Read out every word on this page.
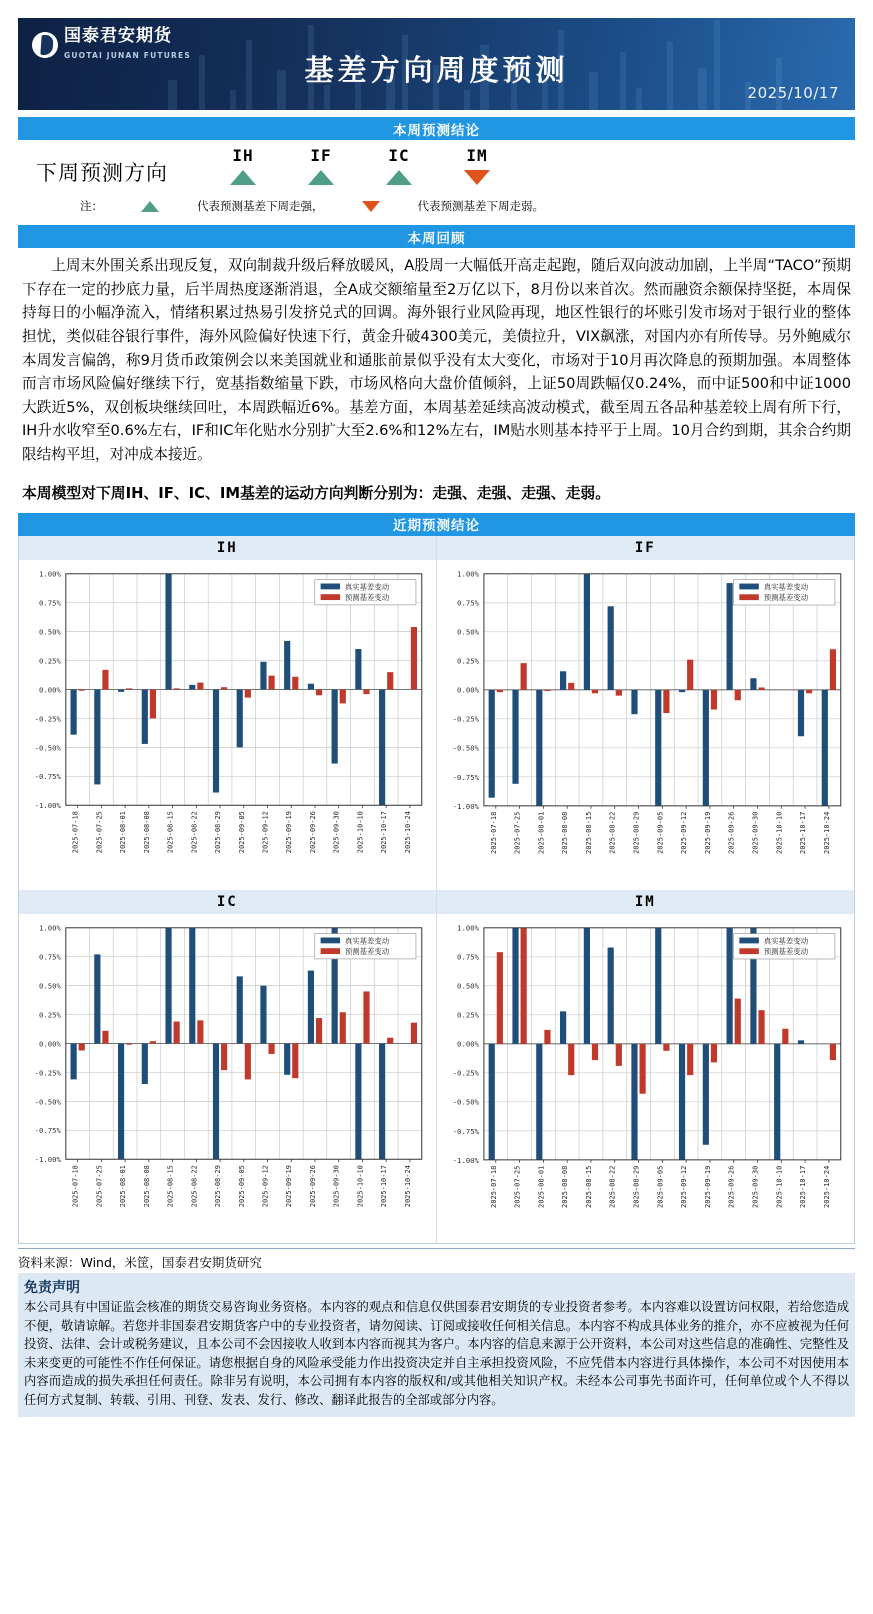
国泰君安期货
GUOTAI JUNAN FUTURES	基差方向周度预测
2025/10/17
本周预测结论
下周预测方向
IH	IF	IC	IM
注：	代表预测基差下周走强，	代表预测基差下周走弱。
本周回顾

上周末外围关系出现反复，双向制裁升级后释放暖风，A股周一大幅低开高走起跑，随后双向波动加剧，上半周“TACO”预期下存在一定的抄底力量，后半周热度逐渐消退，全A成交额缩量至2万亿以下，8月份以来首次。然而融资余额保持坚挺，本周保持每日的小幅净流入，情绪积累过热易引发挤兑式的回调。海外银行业风险再现，地区性银行的坏账引发市场对于银行业的整体担忧，类似硅谷银行事件，海外风险偏好快速下行，黄金升破4300美元，美债拉升，VIX飙涨，对国内亦有所传导。另外鲍威尔本周发言偏鸽，称9月货币政策例会以来美国就业和通胀前景似乎没有太大变化，市场对于10月再次降息的预期加强。本周整体而言市场风险偏好继续下行，宽基指数缩量下跌，市场风格向大盘价值倾斜，上证50周跌幅仅0.24%，而中证500和中证1000大跌近5%，双创板块继续回吐，本周跌幅近6%。基差方面，本周基差延续高波动模式，截至周五各品种基差较上周有所下行，IH升水收窄至0.6%左右，IF和IC年化贴水分别扩大至2.6%和12%左右，IM贴水则基本持平于上周。10月合约到期，其余合约期限结构平坦，对冲成本接近。

本周模型对下周IH、IF、IC、IM基差的运动方向判断分别为：走强、走强、走强、走弱。
近期预测结论
IH
1.00%
0.75%
0.50%
0.25%
0.00%
-0.25%
-0.50%
-0.75%
-1.00%
2025-07-18 2025-07-25 2025-08-01 2025-08-08 2025-08-15 2025-08-22 2025-08-29 2025-09-05 2025-09-12 2025-09-19 2025-09-26 2025-09-30 2025-10-10 2025-10-17 2025-10-24
真实基差变动
预测基差变动
IF
1.00%
0.75%
0.50%
0.25%
0.00%
-0.25%
-0.50%
-0.75%
-1.00%
2025-07-18 2025-07-25 2025-08-01 2025-08-08 2025-08-15 2025-08-22 2025-08-29 2025-09-05 2025-09-12 2025-09-19 2025-09-26 2025-09-30 2025-10-10 2025-10-17 2025-10-24
真实基差变动
预测基差变动
IC
1.00%
0.75%
0.50%
0.25%
0.00%
-0.25%
-0.50%
-0.75%
-1.00%
2025-07-18 2025-07-25 2025-08-01 2025-08-08 2025-08-15 2025-08-22 2025-08-29 2025-09-05 2025-09-12 2025-09-19 2025-09-26 2025-09-30 2025-10-10 2025-10-17 2025-10-24
真实基差变动
预测基差变动
IM
1.00%
0.75%
0.50%
0.25%
0.00%
-0.25%
-0.50%
-0.75%
-1.00%
2025-07-18 2025-07-25 2025-08-01 2025-08-08 2025-08-15 2025-08-22 2025-08-29 2025-09-05 2025-09-12 2025-09-19 2025-09-26 2025-09-30 2025-10-10 2025-10-17 2025-10-24
真实基差变动
预测基差变动
资料来源：Wind，米筐，国泰君安期货研究
免责声明
本公司具有中国证监会核准的期货交易咨询业务资格。本内容的观点和信息仅供国泰君安期货的专业投资者参考。本内容难以设置访问权限，若给您造成不便，敬请谅解。若您并非国泰君安期货客户中的专业投资者，请勿阅读、订阅或接收任何相关信息。本内容不构成具体业务的推介，亦不应被视为任何投资、法律、会计或税务建议，且本公司不会因接收人收到本内容而视其为客户。本内容的信息来源于公开资料，本公司对这些信息的准确性、完整性及未来变更的可能性不作任何保证。请您根据自身的风险承受能力作出投资决定并自主承担投资风险，不应凭借本内容进行具体操作，本公司不对因使用本内容而造成的损失承担任何责任。除非另有说明，本公司拥有本内容的版权和/或其他相关知识产权。未经本公司事先书面许可，任何单位或个人不得以任何方式复制、转载、引用、刊登、发表、发行、修改、翻译此报告的全部或部分内容。
